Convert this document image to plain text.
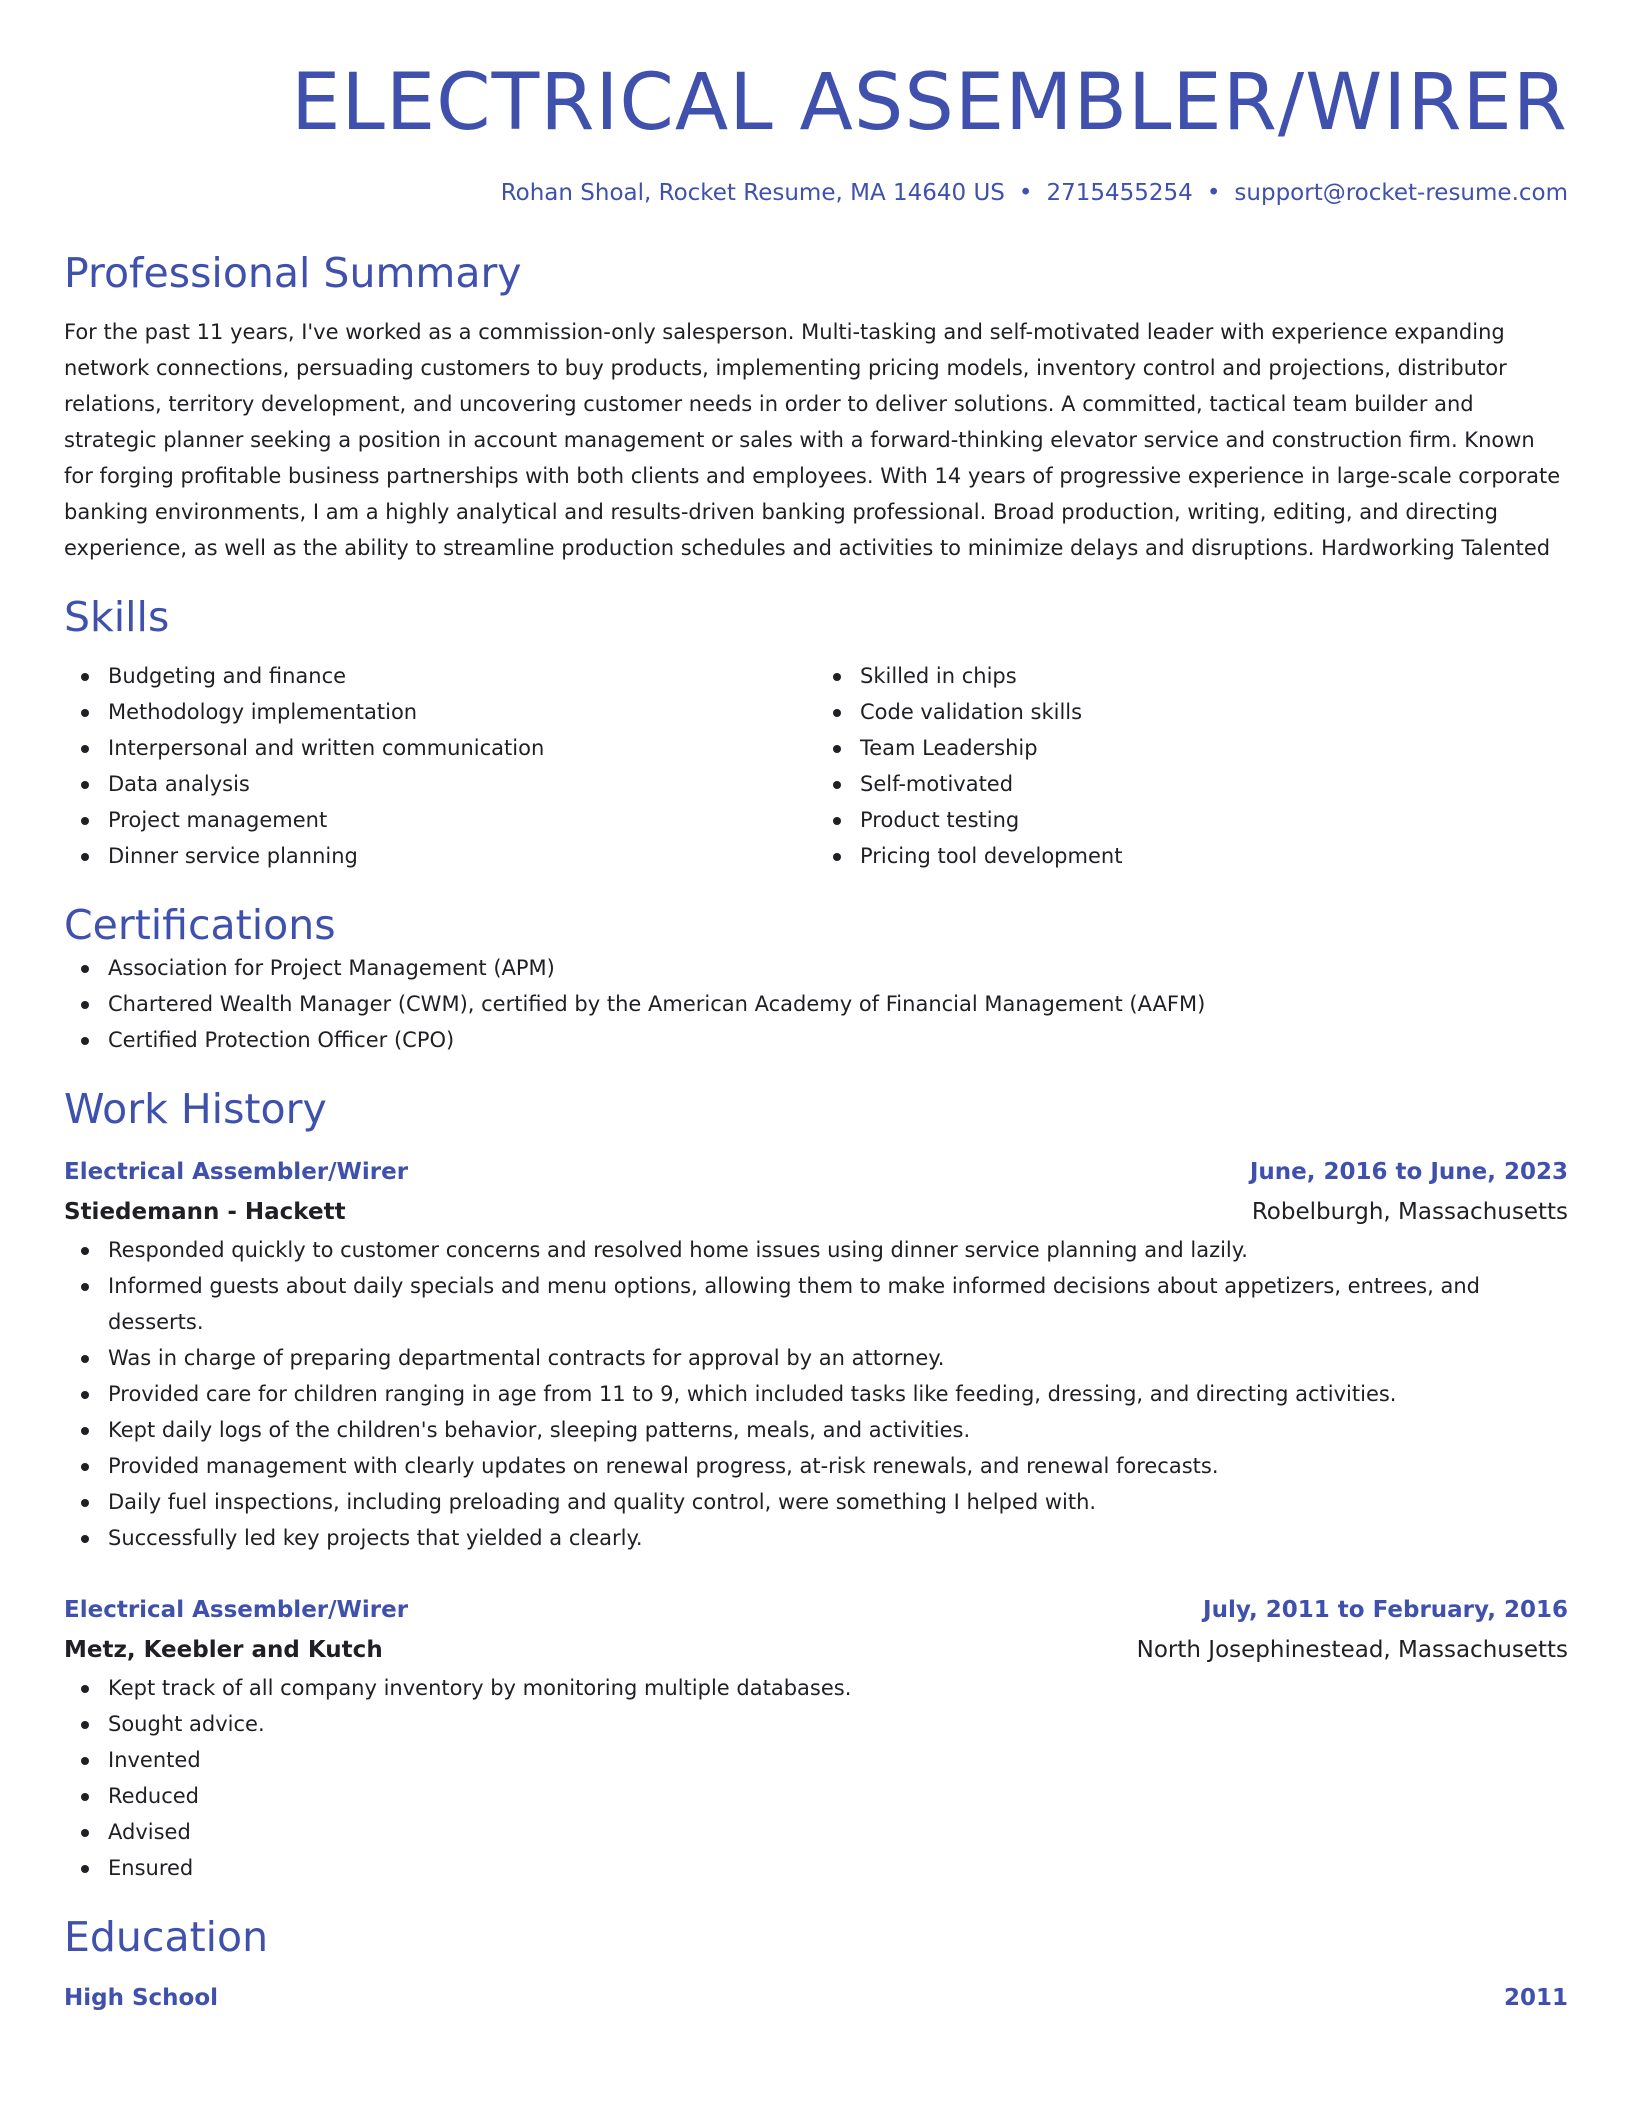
ELECTRICAL ASSEMBLER/WIRER
Rohan Shoal, Rocket Resume, MA 14640 US • 2715455254 • support@rocket-resume.com
Professional Summary

For the past 11 years, I've worked as a commission-only salesperson. Multi-tasking and self-motivated leader with experience expanding network connections, persuading customers to buy products, implementing pricing models, inventory control and projections, distributor relations, territory development, and uncovering customer needs in order to deliver solutions. A committed, tactical team builder and strategic planner seeking a position in account management or sales with a forward-thinking elevator service and construction firm. Known for forging profitable business partnerships with both clients and employees. With 14 years of progressive experience in large-scale corporate banking environments, I am a highly analytical and results-driven banking professional. Broad production, writing, editing, and directing experience, as well as the ability to streamline production schedules and activities to minimize delays and disruptions. Hardworking Talented

Skills
Budgeting and finance
Methodology implementation
Interpersonal and written communication
Data analysis
Project management
Dinner service planning
Skilled in chips
Code validation skills
Team Leadership
Self-motivated
Product testing
Pricing tool development
Certifications
Association for Project Management (APM)
Chartered Wealth Manager (CWM), certified by the American Academy of Financial Management (AAFM)
Certified Protection Officer (CPO)
Work History
Electrical Assembler/Wirer	June, 2016 to June, 2023
Stiedemann - Hackett	Robelburgh, Massachusetts
Responded quickly to customer concerns and resolved home issues using dinner service planning and lazily.
Informed guests about daily specials and menu options, allowing them to make informed decisions about appetizers, entrees, and desserts.
Was in charge of preparing departmental contracts for approval by an attorney.
Provided care for children ranging in age from 11 to 9, which included tasks like feeding, dressing, and directing activities.
Kept daily logs of the children's behavior, sleeping patterns, meals, and activities.
Provided management with clearly updates on renewal progress, at-risk renewals, and renewal forecasts.
Daily fuel inspections, including preloading and quality control, were something I helped with.
Successfully led key projects that yielded a clearly.
Electrical Assembler/Wirer	July, 2011 to February, 2016
Metz, Keebler and Kutch	North Josephinestead, Massachusetts
Kept track of all company inventory by monitoring multiple databases.
Sought advice.
Invented
Reduced
Advised
Ensured
Education
High School	2011
